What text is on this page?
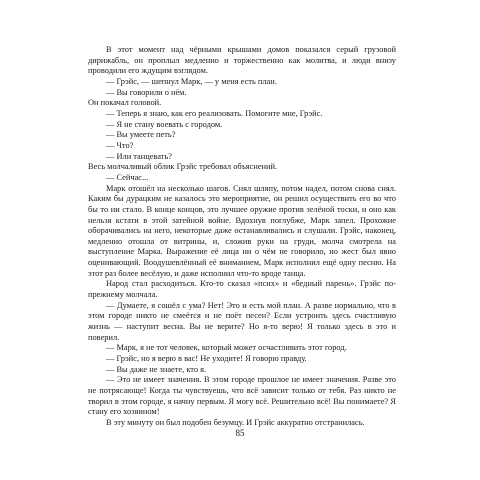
В этот момент над чёрными крышами домов показался серый грузовой дирижабль, он проплыл медленно и торжественно как молитва, и люди внизу проводили его ждущим взглядом.

— Грэйс, — шепнул Марк, — у меня есть план.

— Вы говорили о нём.

Он покачал головой.

— Теперь я знаю, как его реализовать. Помогите мне, Грэйс.

— Я не стану воевать с городом.

— Вы умеете петь?

— Что?

— Или танцевать?

Весь молчаливый облик Грэйс требовал объяснений.

— Сейчас...

Марк отошёл на несколько шагов. Снял шляпу, потом надел, потом снова снял. Каким бы дурацким не казалось это мероприятие, он решил осуществить его во что бы то ни стало. В конце концов, это лучшее оружие против зелёной тоски, и оно как нельзя кстати в этой затейной войне. Вдохнув поглубже, Марк запел. Прохожие оборачивались на него, некоторые даже останавливались и слушали. Грэйс, наконец, медленно отошла от витрины, и, сложив руки на груди, молча смотрела на выступление Марка. Выражение её лица ни о чём не говорило, но жест был явно оценивающий. Воодушевлённый её вниманием, Марк исполнил ещё одну песню. На этот раз более весёлую, и даже исполнил что-то вроде танца.

Народ стал расходиться. Кто-то сказал «псих» и «бедный парень». Грэйс по-прежнему молчала.

— Думаете, я сошёл с ума? Нет! Это и есть мой план. А разве нормально, что в этом городе никто не смеётся и не поёт песен? Если устроить здесь счастливую жизнь — наступит весна. Вы не верите? Но я-то верю! Я только здесь в это и поверил.

— Марк, я не тот человек, который может осчастливить этот город.

— Грэйс, но я верю в вас! Не уходите! Я говорю правду.

— Вы даже не знаете, кто я.

— Это не имеет значения. В этом городе прошлое не имеет значения. Разве это не потрясающе! Когда ты чувствуешь, что всё зависит только от тебя. Раз никто не творил в этом городе, я начну первым. Я могу всё. Решительно всё! Вы понимаете? Я стану его хозяином!

В эту минуту он был подобен безумцу. И Грэйс аккуратно отстранилась.

85
